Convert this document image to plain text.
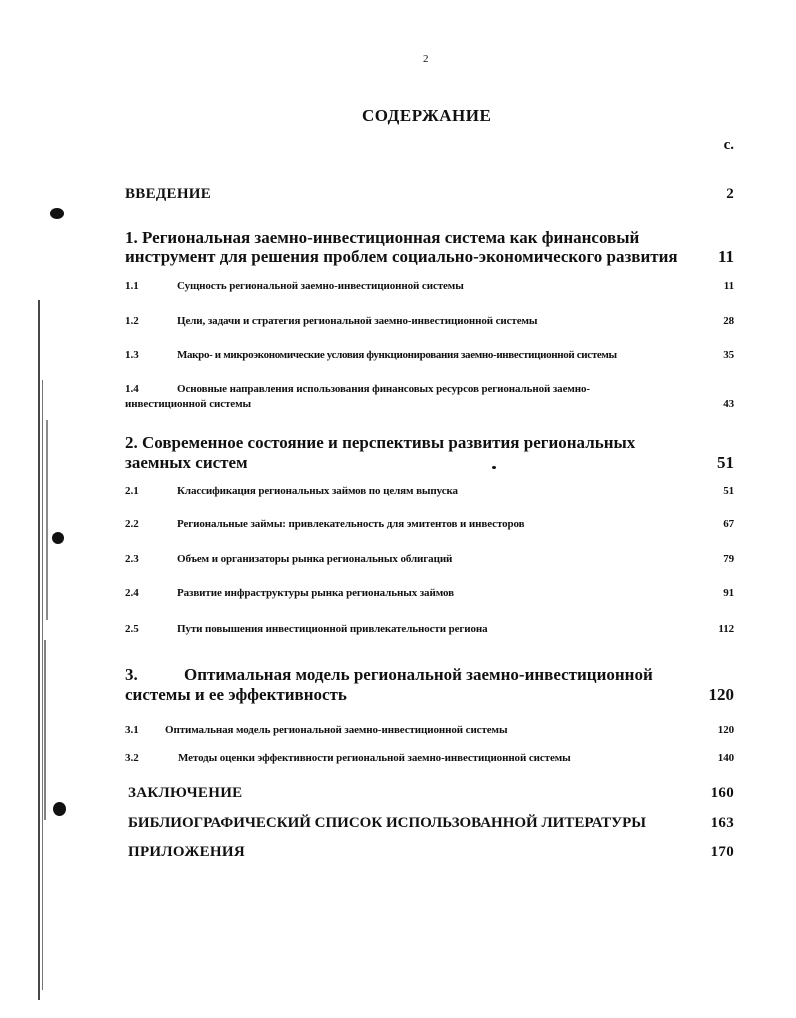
2
СОДЕРЖАНИЕ
с.
ВВЕДЕНИЕ	2
1. Региональная заемно-инвестиционная система как финансовый
инструмент для решения проблем социально-экономического развития 11
1.1	Сущность региональной заемно-инвестиционной системы	11
1.2	Цели, задачи и стратегия региональной заемно-инвестиционной системы	28
1.3	Макро- и микроэкономические условия функционирования заемно-инвестиционной системы	35
1.4	Основные направления использования финансовых ресурсов региональной заемно-
инвестиционной системы	43
2. Современное состояние и перспективы развития региональных
заемных систем	51
2.1	Классификация региональных займов по целям выпуска	51
2.2	Региональные займы: привлекательность для эмитентов и инвесторов	67
2.3	Объем и организаторы рынка региональных облигаций	79
2.4	Развитие инфраструктуры рынка региональных займов	91
2.5	Пути повышения инвестиционной привлекательности региона	112
3.	Оптимальная модель региональной заемно-инвестиционной
системы и ее эффективность	120
3.1 Оптимальная модель региональной заемно-инвестиционной системы	120
3.2	Методы оценки эффективности региональной заемно-инвестиционной системы	140
ЗАКЛЮЧЕНИЕ	160
БИБЛИОГРАФИЧЕСКИЙ СПИСОК ИСПОЛЬЗОВАННОЙ ЛИТЕРАТУРЫ	163
ПРИЛОЖЕНИЯ	170
